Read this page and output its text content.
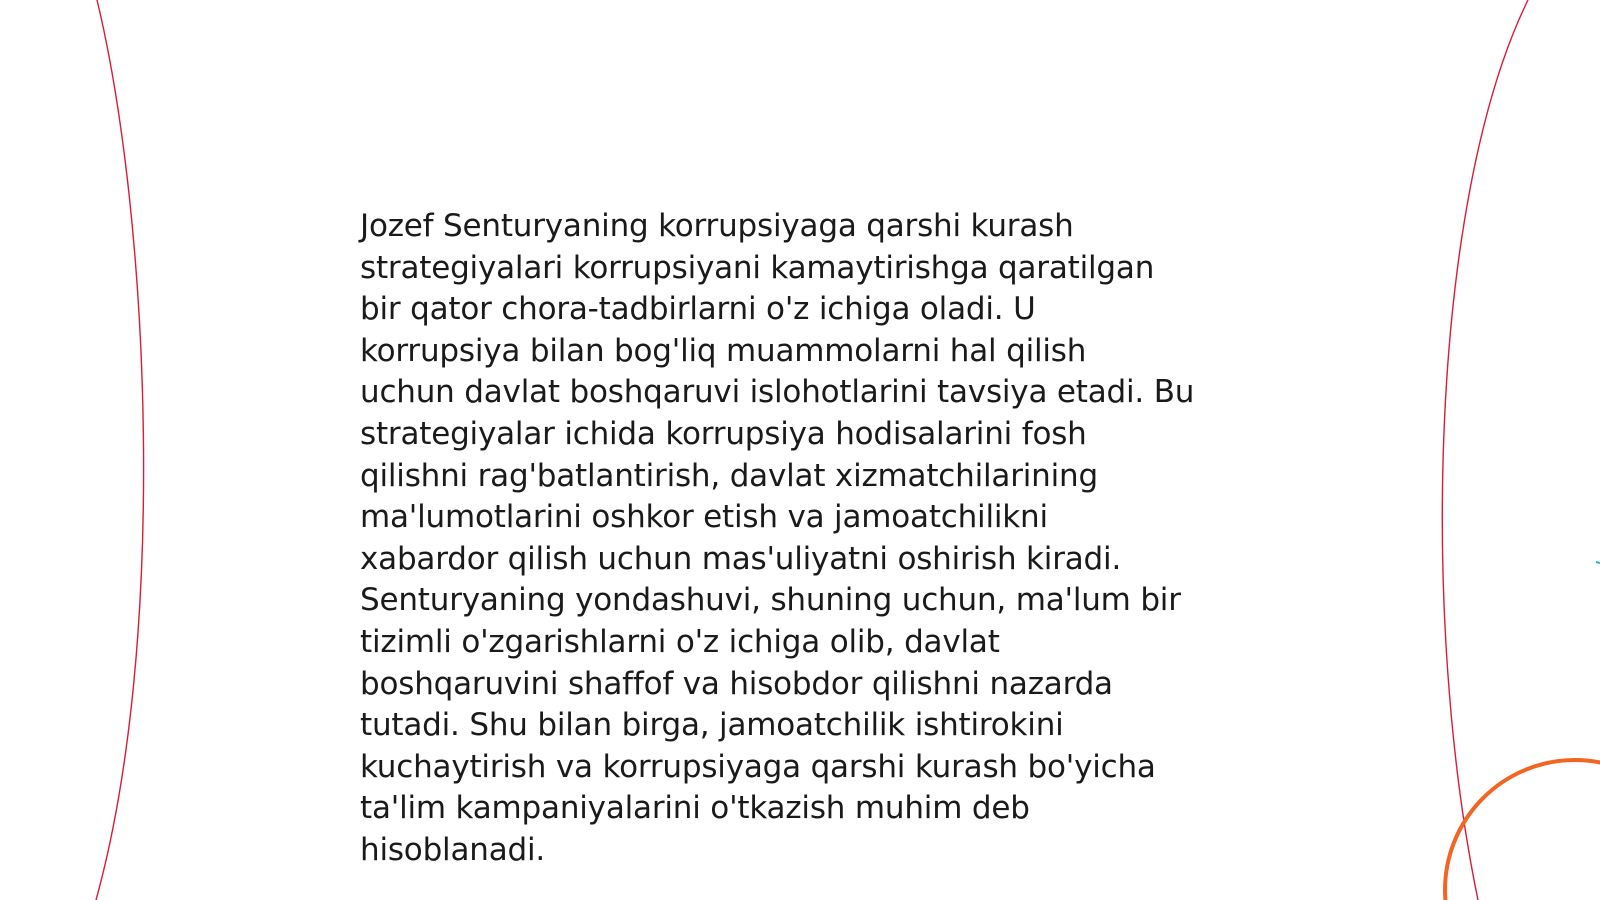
Jozef Senturyaning korrupsiyaga qarshi kurash
strategiyalari korrupsiyani kamaytirishga qaratilgan
bir qator chora-tadbirlarni o'z ichiga oladi. U
korrupsiya bilan bog'liq muammolarni hal qilish
uchun davlat boshqaruvi islohotlarini tavsiya etadi. Bu
strategiyalar ichida korrupsiya hodisalarini fosh
qilishni rag'batlantirish, davlat xizmatchilarining
ma'lumotlarini oshkor etish va jamoatchilikni
xabardor qilish uchun mas'uliyatni oshirish kiradi.
Senturyaning yondashuvi, shuning uchun, ma'lum bir
tizimli o'zgarishlarni o'z ichiga olib, davlat
boshqaruvini shaffof va hisobdor qilishni nazarda
tutadi. Shu bilan birga, jamoatchilik ishtirokini
kuchaytirish va korrupsiyaga qarshi kurash bo'yicha
ta'lim kampaniyalarini o'tkazish muhim deb
hisoblanadi.
